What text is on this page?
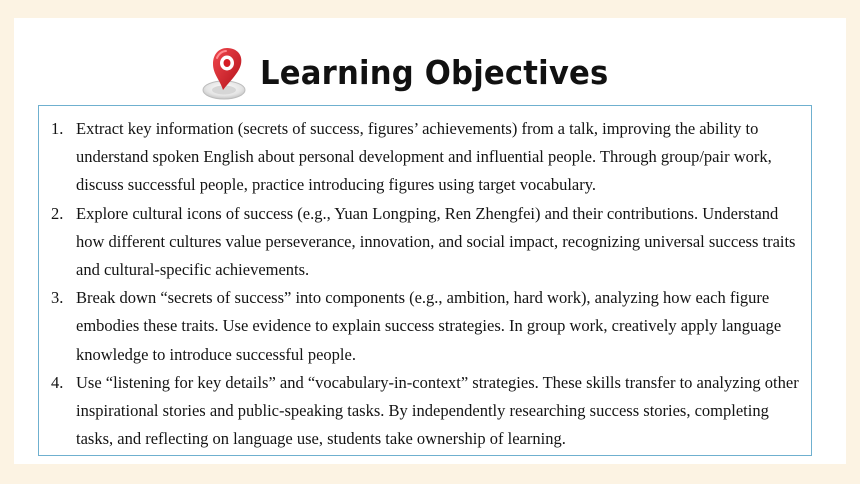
Learning Objectives
1. Extract key information (secrets of success, figures’ achievements) from a talk, improving the ability to understand spoken English about personal development and influential people. Through group/pair work, discuss successful people, practice introducing figures using target vocabulary.
2. Explore cultural icons of success (e.g., Yuan Longping, Ren Zhengfei) and their contributions. Understand how different cultures value perseverance, innovation, and social impact, recognizing universal success traits and cultural-specific achievements.
3. Break down “secrets of success” into components (e.g., ambition, hard work), analyzing how each figure embodies these traits. Use evidence to explain success strategies. In group work, creatively apply language knowledge to introduce successful people.
4. Use “listening for key details” and “vocabulary-in-context” strategies. These skills transfer to analyzing other inspirational stories and public-speaking tasks. By independently researching success stories, completing tasks, and reflecting on language use, students take ownership of learning.
